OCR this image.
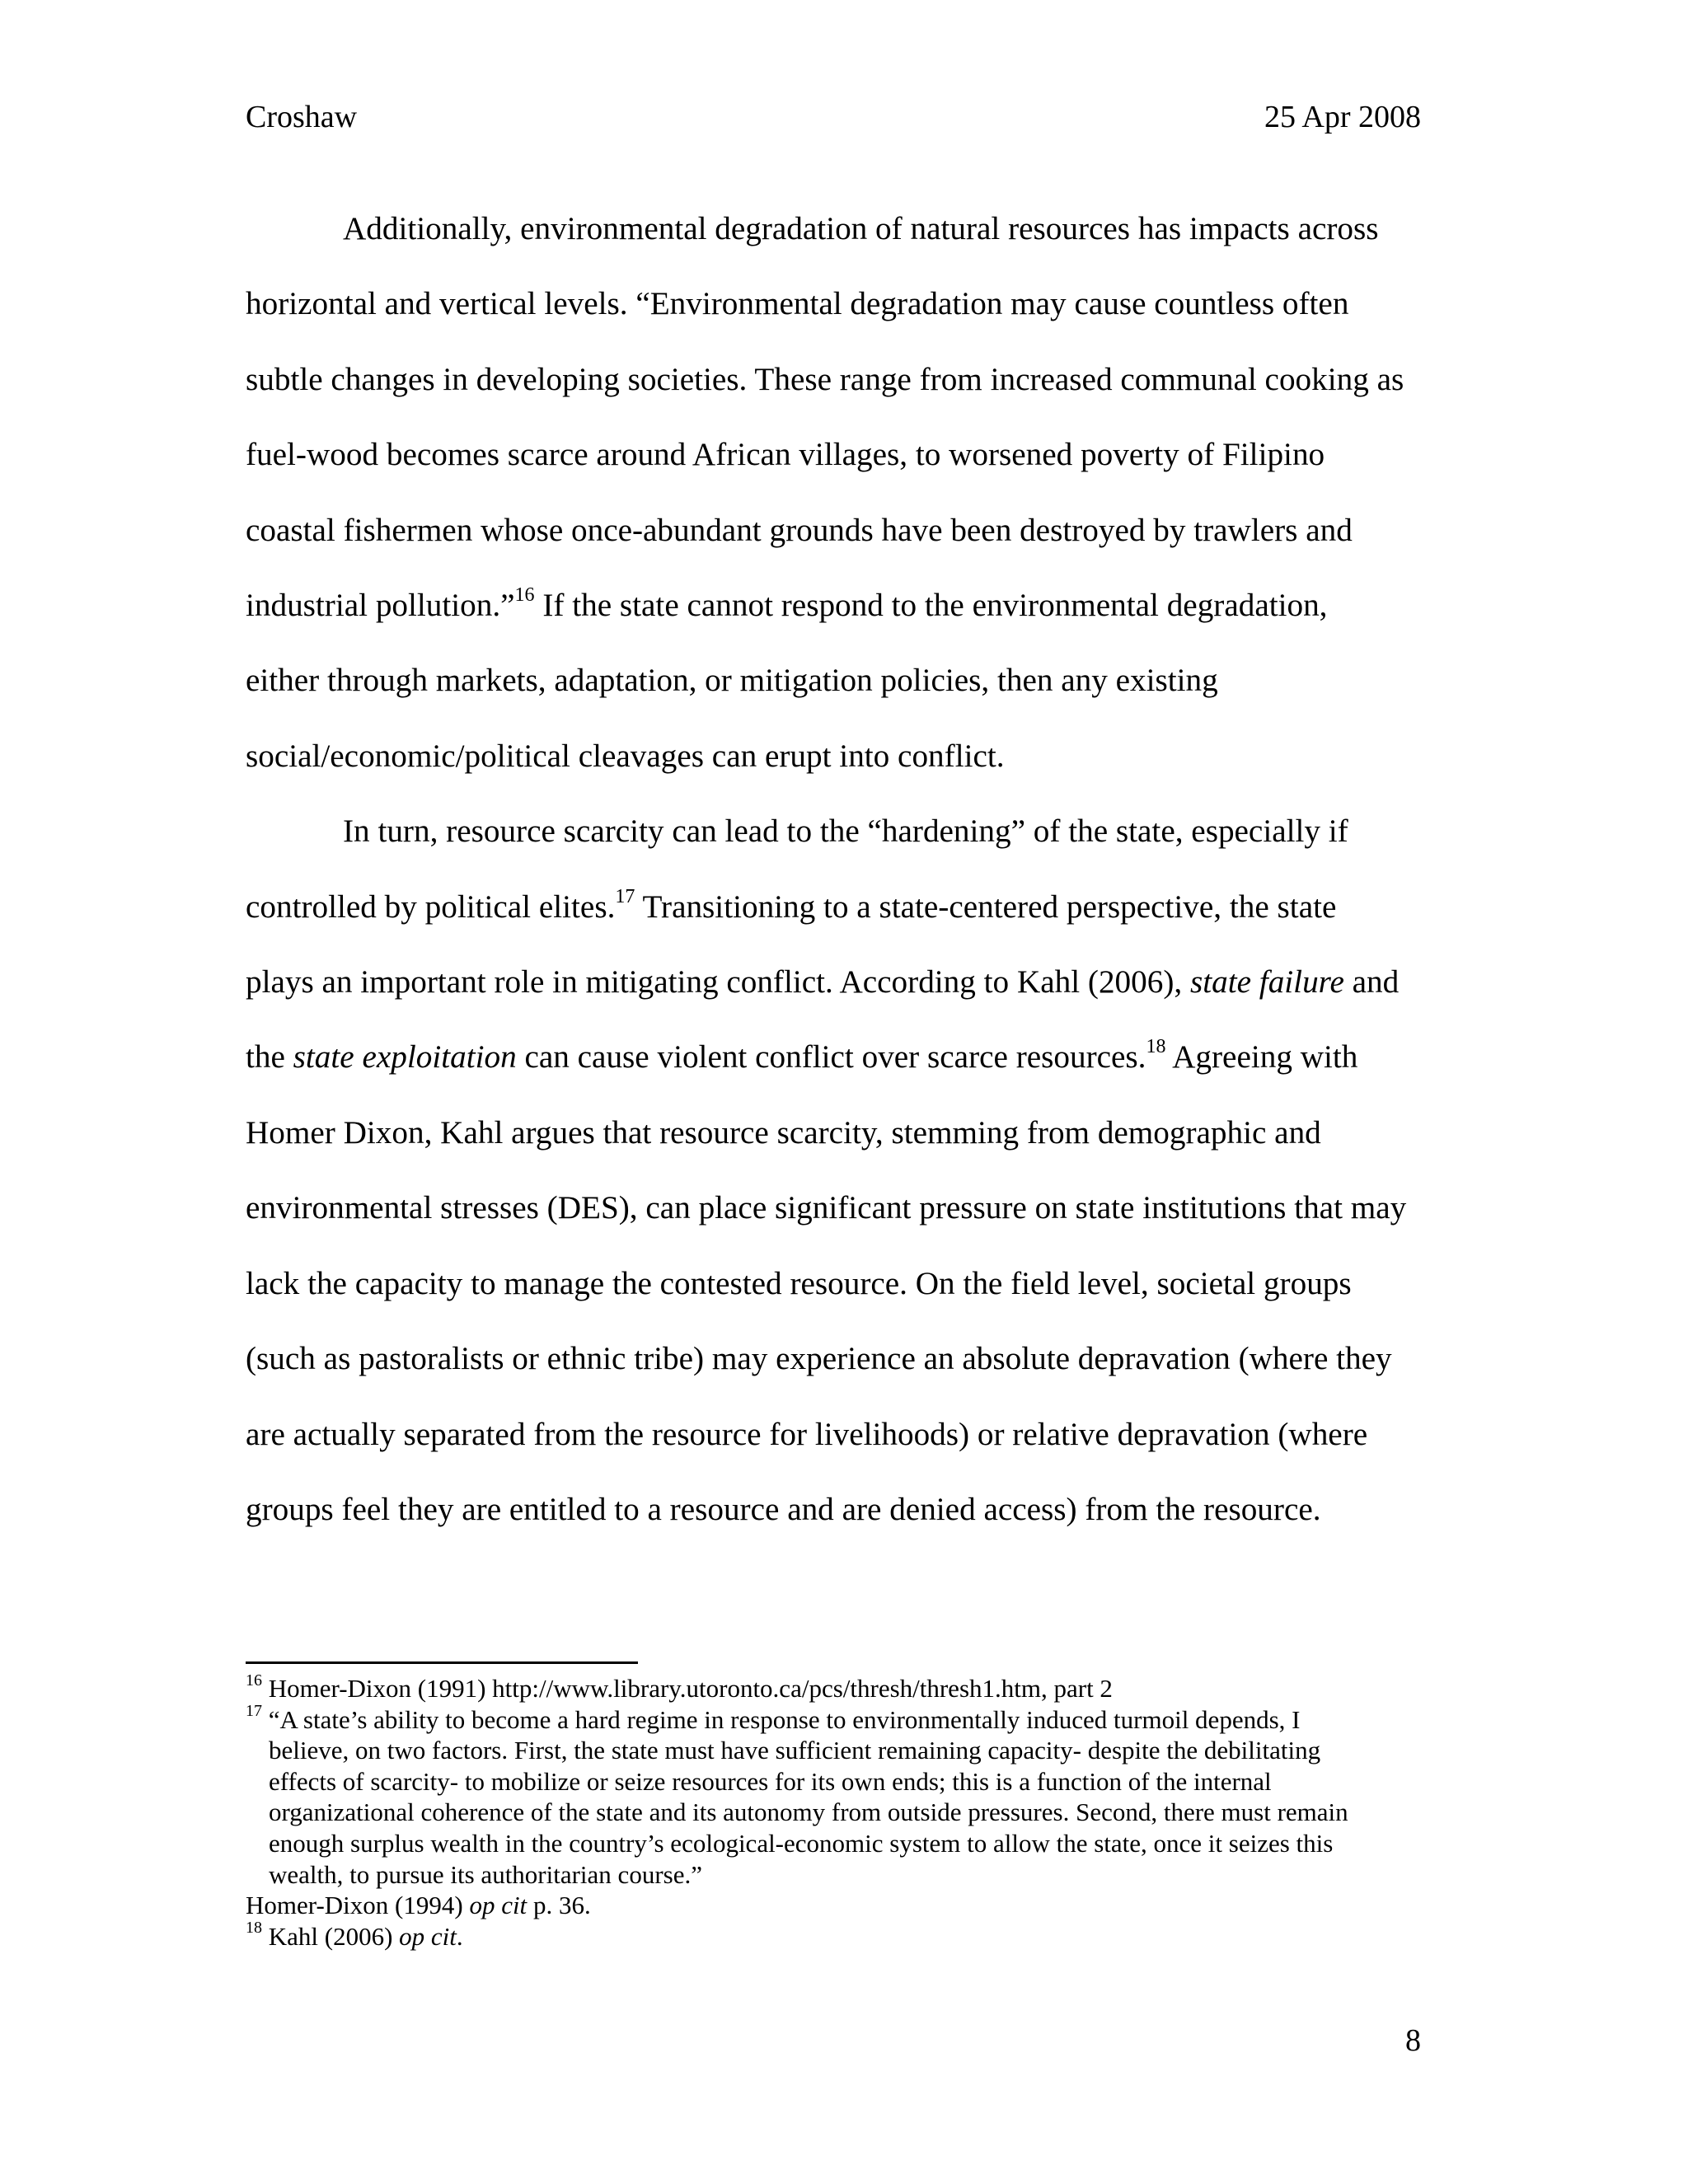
Croshaw	25 Apr 2008

Additionally, environmental degradation of natural resources has impacts across
horizontal and vertical levels. “Environmental degradation may cause countless often
subtle changes in developing societies. These range from increased communal cooking as
fuel-wood becomes scarce around African villages, to worsened poverty of Filipino
coastal fishermen whose once-abundant grounds have been destroyed by trawlers and
industrial pollution.”$^{16}$ If the state cannot respond to the environmental degradation,
either through markets, adaptation, or mitigation policies, then any existing
social/economic/political cleavages can erupt into conflict.

In turn, resource scarcity can lead to the “hardening” of the state, especially if
controlled by political elites.$^{17}$ Transitioning to a state-centered perspective, the state
plays an important role in mitigating conflict. According to Kahl (2006), state failure and
the state exploitation can cause violent conflict over scarce resources.$^{18}$ Agreeing with
Homer Dixon, Kahl argues that resource scarcity, stemming from demographic and
environmental stresses (DES), can place significant pressure on state institutions that may
lack the capacity to manage the contested resource. On the field level, societal groups
(such as pastoralists or ethnic tribe) may experience an absolute depravation (where they
are actually separated from the resource for livelihoods) or relative depravation (where
groups feel they are entitled to a resource and are denied access) from the resource.

$^{16}$ Homer-Dixon (1991) http://www.library.utoronto.ca/pcs/thresh/thresh1.htm, part 2
$^{17}$ “A state’s ability to become a hard regime in response to environmentally induced turmoil depends, I
believe, on two factors. First, the state must have sufficient remaining capacity- despite the debilitating
effects of scarcity- to mobilize or seize resources for its own ends; this is a function of the internal
organizational coherence of the state and its autonomy from outside pressures. Second, there must remain
enough surplus wealth in the country’s ecological-economic system to allow the state, once it seizes this
wealth, to pursue its authoritarian course.”
Homer-Dixon (1994) op cit p. 36.
$^{18}$ Kahl (2006) op cit.
8
